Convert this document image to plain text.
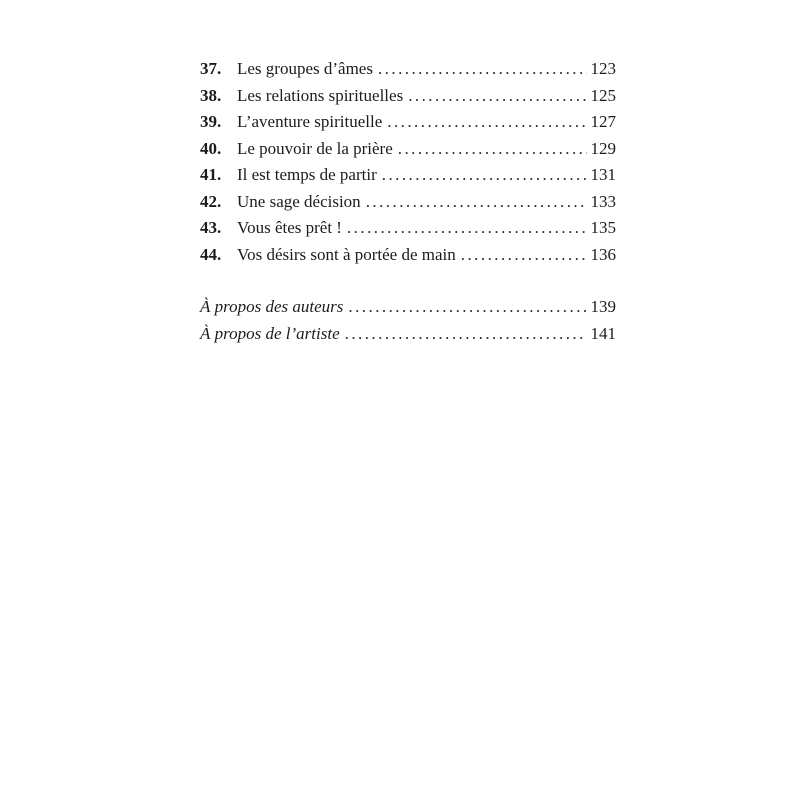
37. Les groupes d’âmes . . .	123
38. Les relations spirituelles . . .	125
39. L’aventure spirituelle . . .	127
40. Le pouvoir de la prière . . .	129
41. Il est temps de partir . . .	131
42. Une sage décision . . .	133
43. Vous êtes prêt ! . . .	135
44. Vos désirs sont à portée de main . . .	136
À propos des auteurs . . .	139
À propos de l’artiste . . .	141
